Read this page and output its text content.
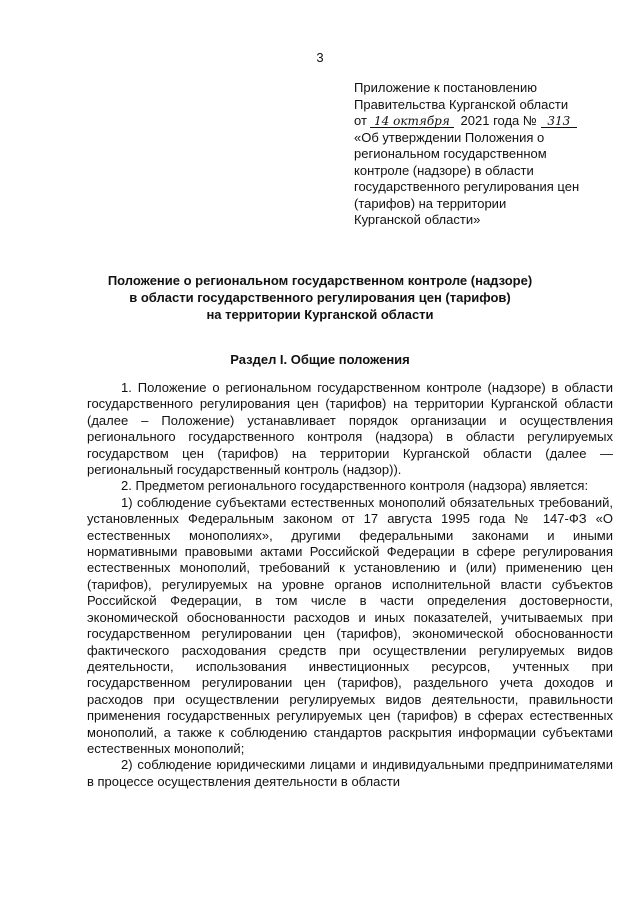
3
Приложение к постановлению
Правительства Курганской области
от 14 октября 2021 года № 313
«Об утверждении Положения о
региональном государственном
контроле (надзоре) в области
государственного регулирования цен
(тарифов) на территории
Курганской области»
Положение о региональном государственном контроле (надзоре)
в области государственного регулирования цен (тарифов)
на территории Курганской области
Раздел I. Общие положения

1. Положение о региональном государственном контроле (надзоре) в области государственного регулирования цен (тарифов) на территории Курганской области (далее – Положение) устанавливает порядок организации и осуществления регионального государственного контроля (надзора) в области регулируемых государством цен (тарифов) на территории Курганской области (далее — региональный государственный контроль (надзор)).

2. Предметом регионального государственного контроля (надзора) является:

1) соблюдение субъектами естественных монополий обязательных требований, установленных Федеральным законом от 17 августа 1995 года № 147-ФЗ «О естественных монополиях», другими федеральными законами и иными нормативными правовыми актами Российской Федерации в сфере регулирования естественных монополий, требований к установлению и (или) применению цен (тарифов), регулируемых на уровне органов исполнительной власти субъектов Российской Федерации, в том числе в части определения достоверности, экономической обоснованности расходов и иных показателей, учитываемых при государственном регулировании цен (тарифов), экономической обоснованности фактического расходования средств при осуществлении регулируемых видов деятельности, использования инвестиционных ресурсов, учтенных при государственном регулировании цен (тарифов), раздельного учета доходов и расходов при осуществлении регулируемых видов деятельности, правильности применения государственных регулируемых цен (тарифов) в сферах естественных монополий, а также к соблюдению стандартов раскрытия информации субъектами естественных монополий;

2) соблюдение юридическими лицами и индивидуальными предпринимателями в процессе осуществления деятельности в области
